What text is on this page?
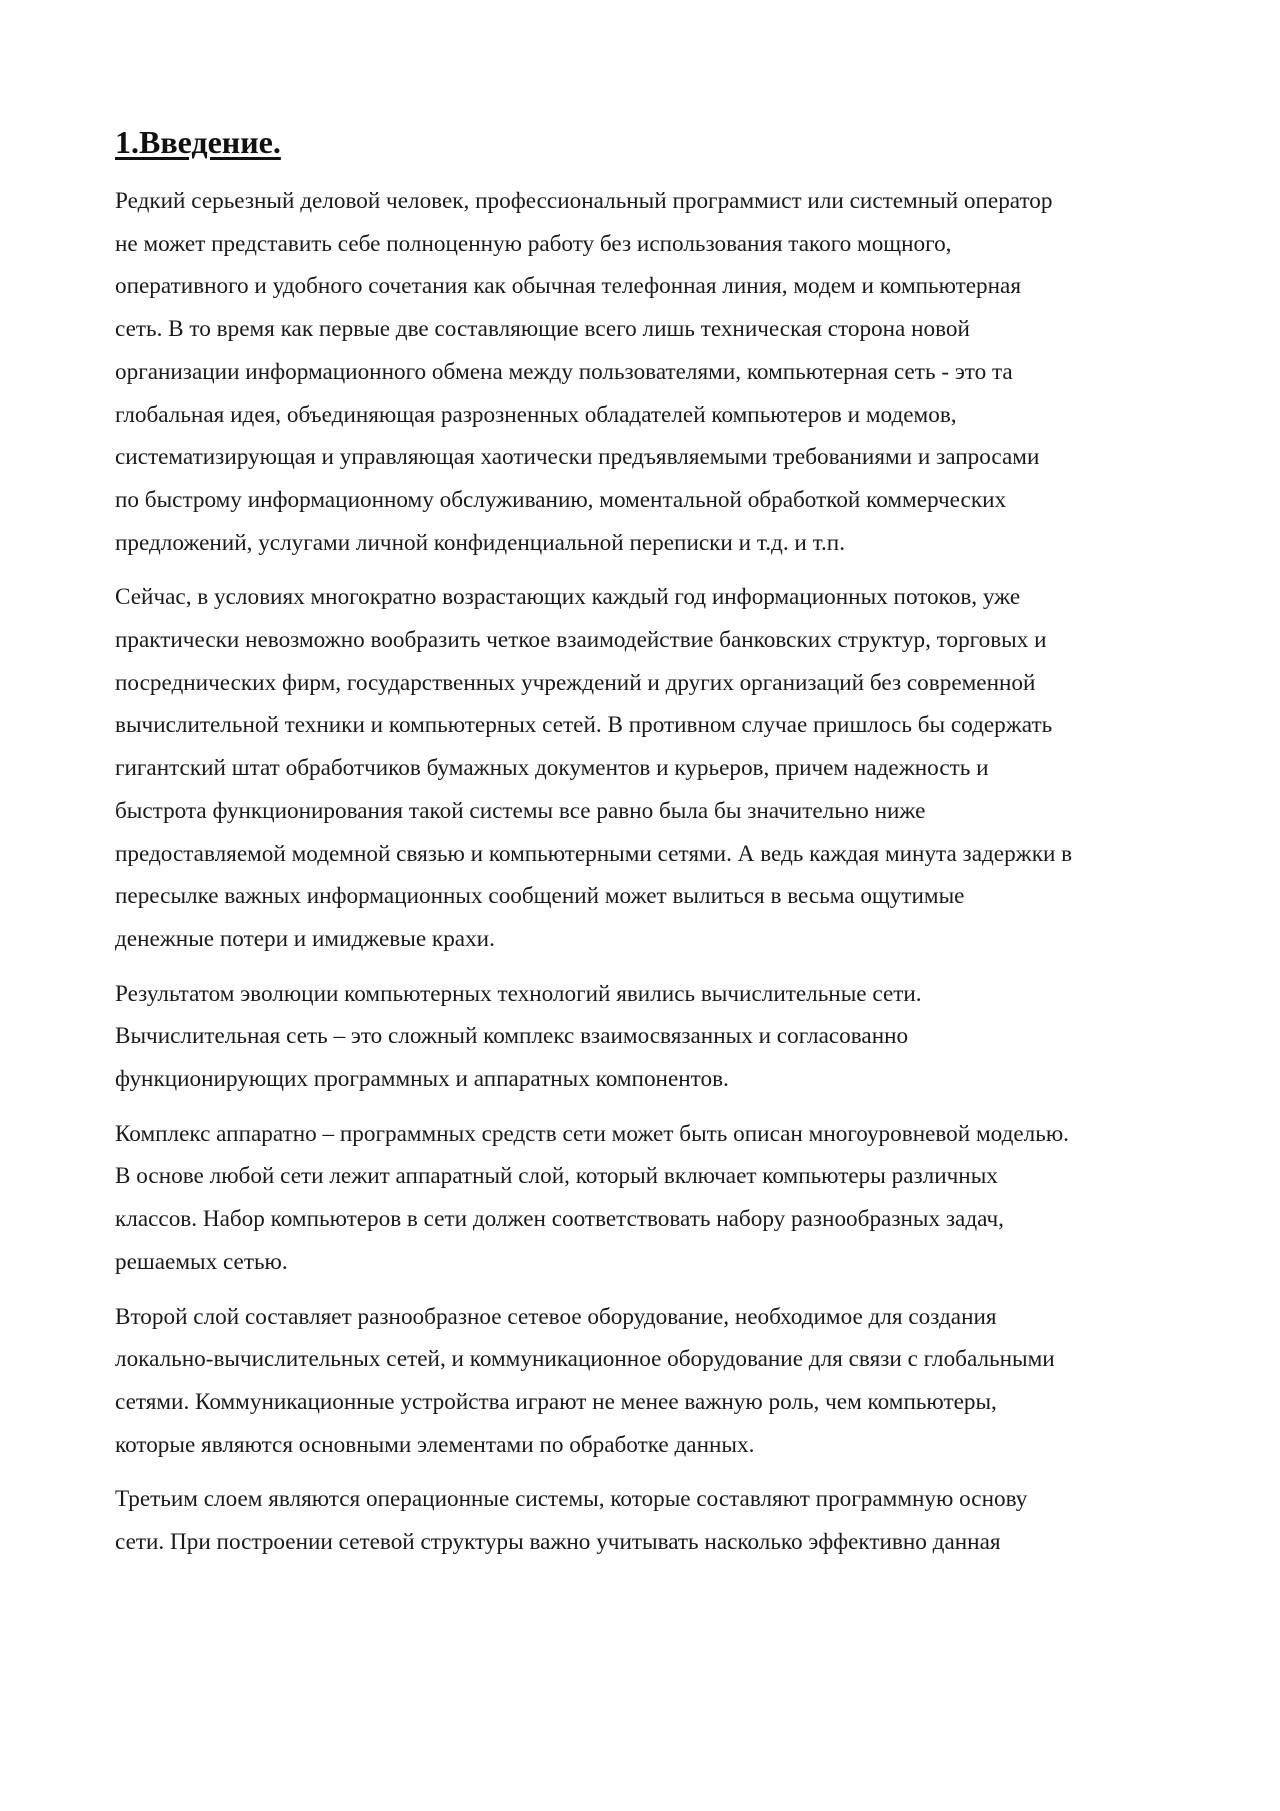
1.Введение.

Редкий серьезный деловой человек, профессиональный программист или системный оператор
не может представить себе полноценную работу без использования такого мощного,
оперативного и удобного сочетания как обычная телефонная линия, модем и компьютерная
сеть. В то время как первые две составляющие всего лишь техническая сторона новой
организации информационного обмена между пользователями, компьютерная сеть - это та
глобальная идея, объединяющая разрозненных обладателей компьютеров и модемов,
систематизирующая и управляющая хаотически предъявляемыми требованиями и запросами
по быстрому информационному обслуживанию, моментальной обработкой коммерческих
предложений, услугами личной конфиденциальной переписки и т.д. и т.п.

Сейчас, в условиях многократно возрастающих каждый год информационных потоков, уже
практически невозможно вообразить четкое взаимодействие банковских структур, торговых и
посреднических фирм, государственных учреждений и других организаций без современной
вычислительной техники и компьютерных сетей. В противном случае пришлось бы содержать
гигантский штат обработчиков бумажных документов и курьеров, причем надежность и
быстрота функционирования такой системы все равно была бы значительно ниже
предоставляемой модемной связью и компьютерными сетями. А ведь каждая минута задержки в
пересылке важных информационных сообщений может вылиться в весьма ощутимые
денежные потери и имиджевые крахи.

Результатом эволюции компьютерных технологий явились вычислительные сети.
Вычислительная сеть – это сложный комплекс взаимосвязанных и согласованно
функционирующих программных и аппаратных компонентов.

Комплекс аппаратно – программных средств сети может быть описан многоуровневой моделью.
В основе любой сети лежит аппаратный слой, который включает компьютеры различных
классов. Набор компьютеров в сети должен соответствовать набору разнообразных задач,
решаемых сетью.

Второй слой составляет разнообразное сетевое оборудование, необходимое для создания
локально-вычислительных сетей, и коммуникационное оборудование для связи с глобальными
сетями. Коммуникационные устройства играют не менее важную роль, чем компьютеры,
которые являются основными элементами по обработке данных.

Третьим слоем являются операционные системы, которые составляют программную основу
сети. При построении сетевой структуры важно учитывать насколько эффективно данная
